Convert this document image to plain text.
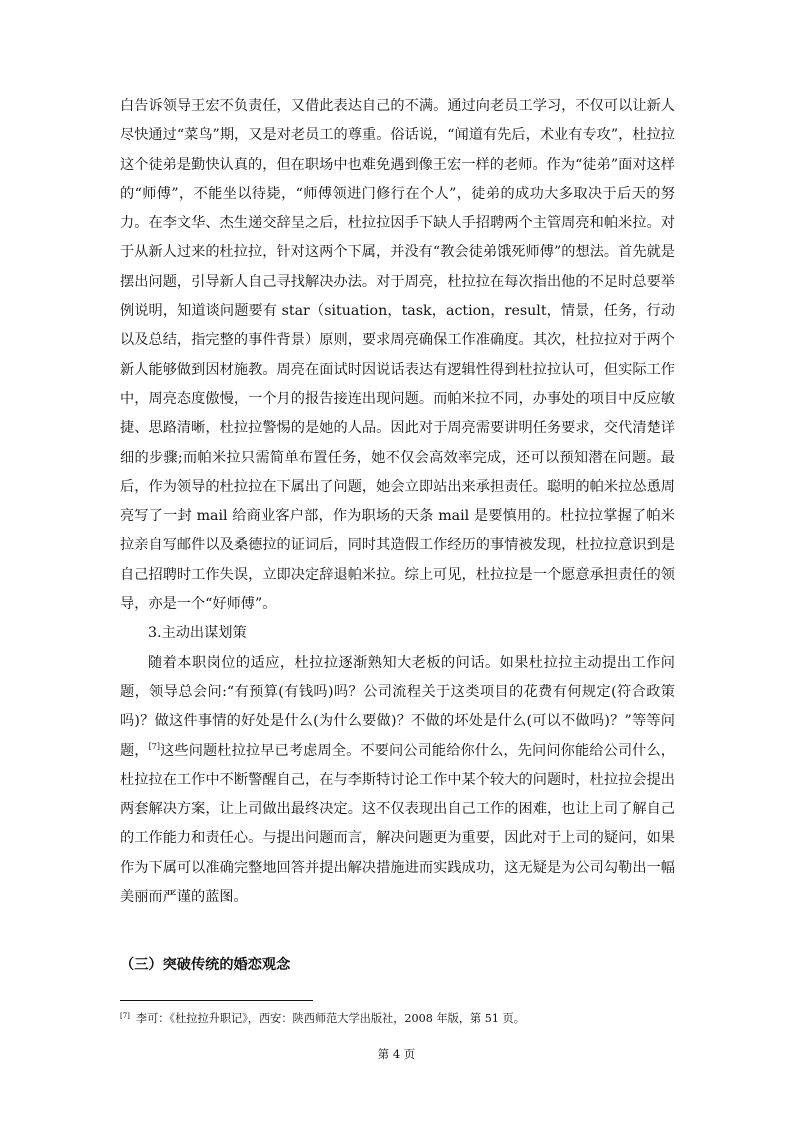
白告诉领导王宏不负责任，又借此表达自己的不满。通过向老员工学习，不仅可以让新人尽快通过“菜鸟”期，又是对老员工的尊重。俗话说，“闻道有先后，术业有专攻”，杜拉拉这个徒弟是勤快认真的，但在职场中也难免遇到像王宏一样的老师。作为“徒弟”面对这样的“师傅”，不能坐以待毙，“师傅领进门修行在个人”，徒弟的成功大多取决于后天的努力。在李文华、杰生递交辞呈之后，杜拉拉因手下缺人手招聘两个主管周亮和帕米拉。对于从新人过来的杜拉拉，针对这两个下属，并没有“教会徒弟饿死师傅”的想法。首先就是摆出问题，引导新人自己寻找解决办法。对于周亮，杜拉拉在每次指出他的不足时总要举例说明，知道谈问题要有 star（situation，task，action，result，情景，任务，行动以及总结，指完整的事件背景）原则，要求周亮确保工作准确度。其次，杜拉拉对于两个新人能够做到因材施教。周亮在面试时因说话表达有逻辑性得到杜拉拉认可，但实际工作中，周亮态度傲慢，一个月的报告接连出现问题。而帕米拉不同，办事处的项目中反应敏捷、思路清晰，杜拉拉警惕的是她的人品。因此对于周亮需要讲明任务要求，交代清楚详细的步骤;而帕米拉只需简单布置任务，她不仅会高效率完成，还可以预知潜在问题。最后，作为领导的杜拉拉在下属出了问题，她会立即站出来承担责任。聪明的帕米拉怂恿周亮写了一封 mail 给商业客户部，作为职场的天条 mail 是要慎用的。杜拉拉掌握了帕米拉亲自写邮件以及桑德拉的证词后，同时其造假工作经历的事情被发现，杜拉拉意识到是自己招聘时工作失误，立即决定辞退帕米拉。综上可见，杜拉拉是一个愿意承担责任的领导，亦是一个“好师傅”。

3.主动出谋划策

随着本职岗位的适应，杜拉拉逐渐熟知大老板的问话。如果杜拉拉主动提出工作问题，领导总会问:“有预算(有钱吗)吗？公司流程关于这类项目的花费有何规定(符合政策吗)？做这件事情的好处是什么(为什么要做)？不做的坏处是什么(可以不做吗)？”等等问题，[7]这些问题杜拉拉早已考虑周全。不要问公司能给你什么，先问问你能给公司什么，杜拉拉在工作中不断警醒自己，在与李斯特讨论工作中某个较大的问题时，杜拉拉会提出两套解决方案，让上司做出最终决定。这不仅表现出自己工作的困难，也让上司了解自己的工作能力和责任心。与提出问题而言，解决问题更为重要，因此对于上司的疑问，如果作为下属可以准确完整地回答并提出解决措施进而实践成功，这无疑是为公司勾勒出一幅美丽而严谨的蓝图。

（三）突破传统的婚恋观念

[7] 李可：《杜拉拉升职记》，西安：陕西师范大学出版社，2008 年版，第 51 页。

第 4 页
